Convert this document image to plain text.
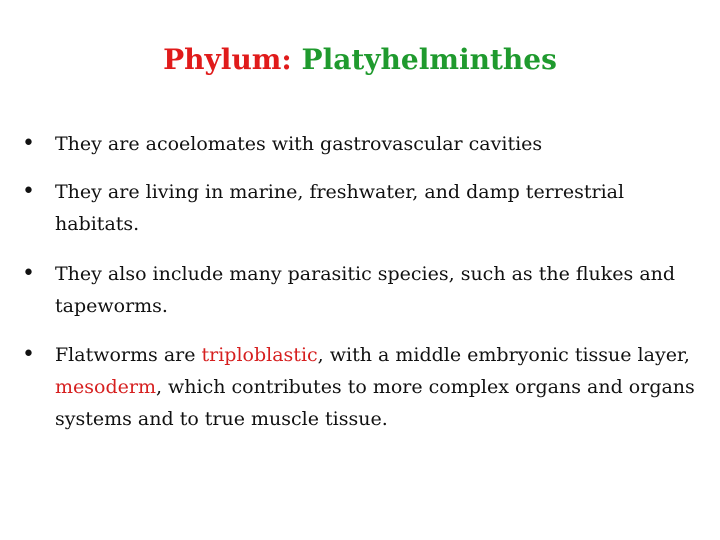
Phylum: Platyhelminthes
• They are acoelomates with gastrovascular cavities
• They are living in marine, freshwater, and damp terrestrial habitats.
• They also include many parasitic species, such as the flukes and tapeworms.
• Flatworms are triploblastic, with a middle embryonic tissue layer, mesoderm, which contributes to more complex organs and organs systems and to true muscle tissue.
